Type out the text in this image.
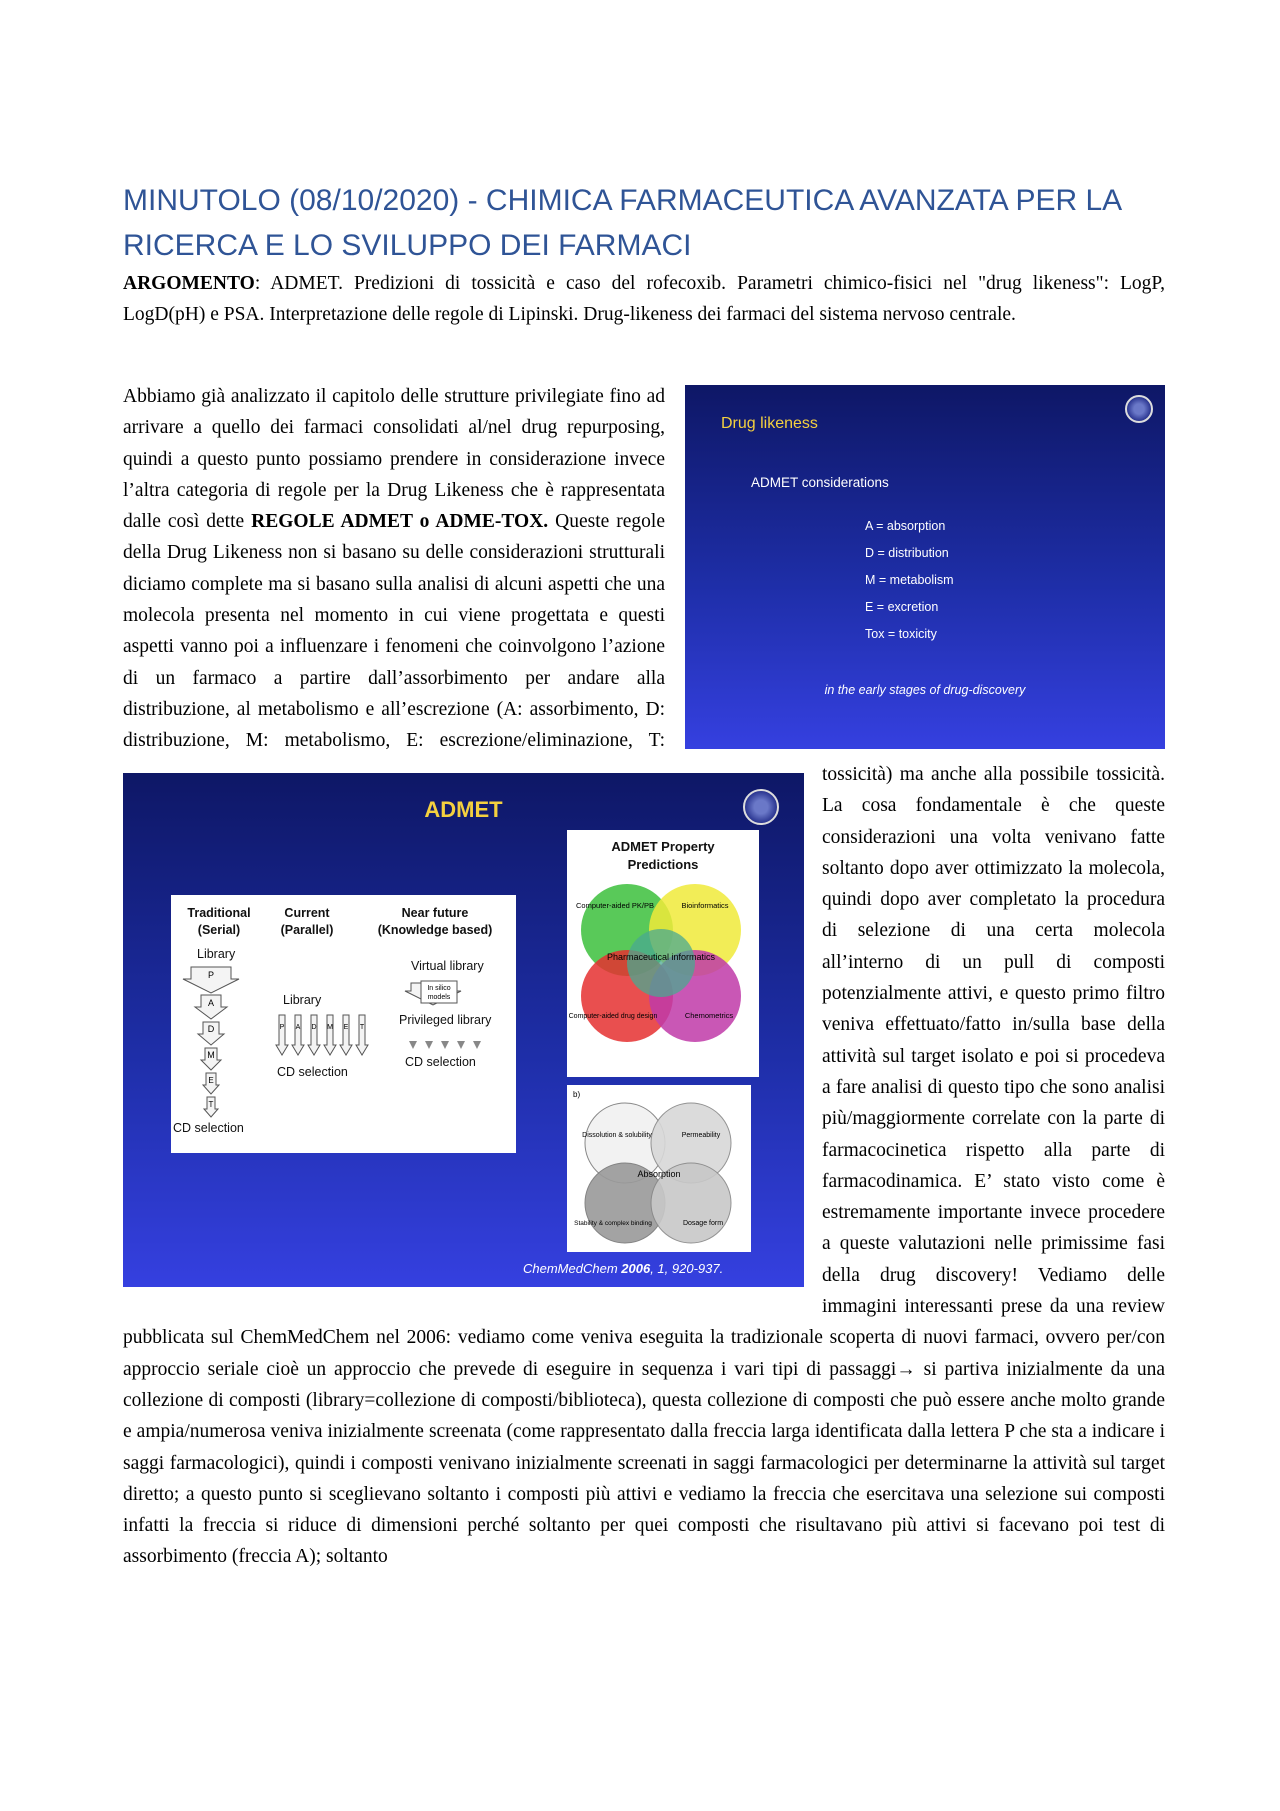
MINUTOLO (08/10/2020) - CHIMICA FARMACEUTICA AVANZATA PER LA RICERCA E LO SVILUPPO DEI FARMACI

ARGOMENTO: ADMET. Predizioni di tossicità e caso del rofecoxib. Parametri chimico-fisici nel "drug likeness": LogP, LogD(pH) e PSA. Interpretazione delle regole di Lipinski. Drug-likeness dei farmaci del sistema nervoso centrale.

Drug likeness
ADMET considerations
A = absorption
D = distribution
M = metabolism
E = excretion
Tox = toxicity
in the early stages of drug-discovery
ADMET
Traditional
(Serial)
Current
(Parallel)
Near future
(Knowledge based)
Library
P
A
D
M
E
T
P A D M E T
In silico
models
Library
Virtual library
Privileged library
CD selection
CD selection
CD selection
ADMET Property
Predictions
Computer-aided PK/PB	Bioinformatics
Pharmaceutical informatics
Computer-aided drug design	Chemometrics
b)
Dissolution & solubility	Permeability
Absorption
Stability & complex binding	Dosage form
ChemMedChem 2006, 1, 920-937.

Abbiamo già analizzato il capitolo delle strutture privilegiate fino ad arrivare a quello dei farmaci consolidati al/nel drug repurposing, quindi a questo punto possiamo prendere in considerazione invece l’altra categoria di regole per la Drug Likeness che è rappresentata dalle così dette REGOLE ADMET o ADME-TOX. Queste regole della Drug Likeness non si basano su delle considerazioni strutturali diciamo complete ma si basano sulla analisi di alcuni aspetti che una molecola presenta nel momento in cui viene progettata e questi aspetti vanno poi a influenzare i fenomeni che coinvolgono l’azione di un farmaco a partire dall’assorbimento per andare alla distribuzione, al metabolismo e all’escrezione (A: assorbimento, D: distribuzione, M: metabolismo, E: escrezione/eliminazione, T: tossicità) ma anche alla possibile tossicità. La cosa fondamentale è che queste considerazioni una volta venivano fatte soltanto dopo aver ottimizzato la molecola, quindi dopo aver completato la procedura di selezione di una certa molecola all’interno di un pull di composti potenzialmente attivi, e questo primo filtro veniva effettuato/fatto in/sulla base della attività sul target isolato e poi si procedeva a fare analisi di questo tipo che sono analisi più/maggiormente correlate con la parte di farmacocinetica rispetto alla parte di farmacodinamica. E’ stato visto come è estremamente importante invece procedere a queste valutazioni nelle primissime fasi della drug discovery! Vediamo delle immagini interessanti prese da una review pubblicata sul ChemMedChem nel 2006: vediamo come veniva eseguita la tradizionale scoperta di nuovi farmaci, ovvero per/con approccio seriale cioè un approccio che prevede di eseguire in sequenza i vari tipi di passaggi→ si partiva inizialmente da una collezione di composti (library=collezione di composti/biblioteca), questa collezione di composti che può essere anche molto grande e ampia/numerosa veniva inizialmente screenata (come rappresentato dalla freccia larga identificata dalla lettera P che sta a indicare i saggi farmacologici), quindi i composti venivano inizialmente screenati in saggi farmacologici per determinarne la attività sul target diretto; a questo punto si sceglievano soltanto i composti più attivi e vediamo la freccia che esercitava una selezione sui composti infatti la freccia si riduce di dimensioni perché soltanto per quei composti che risultavano più attivi si facevano poi test di assorbimento (freccia A); soltanto
